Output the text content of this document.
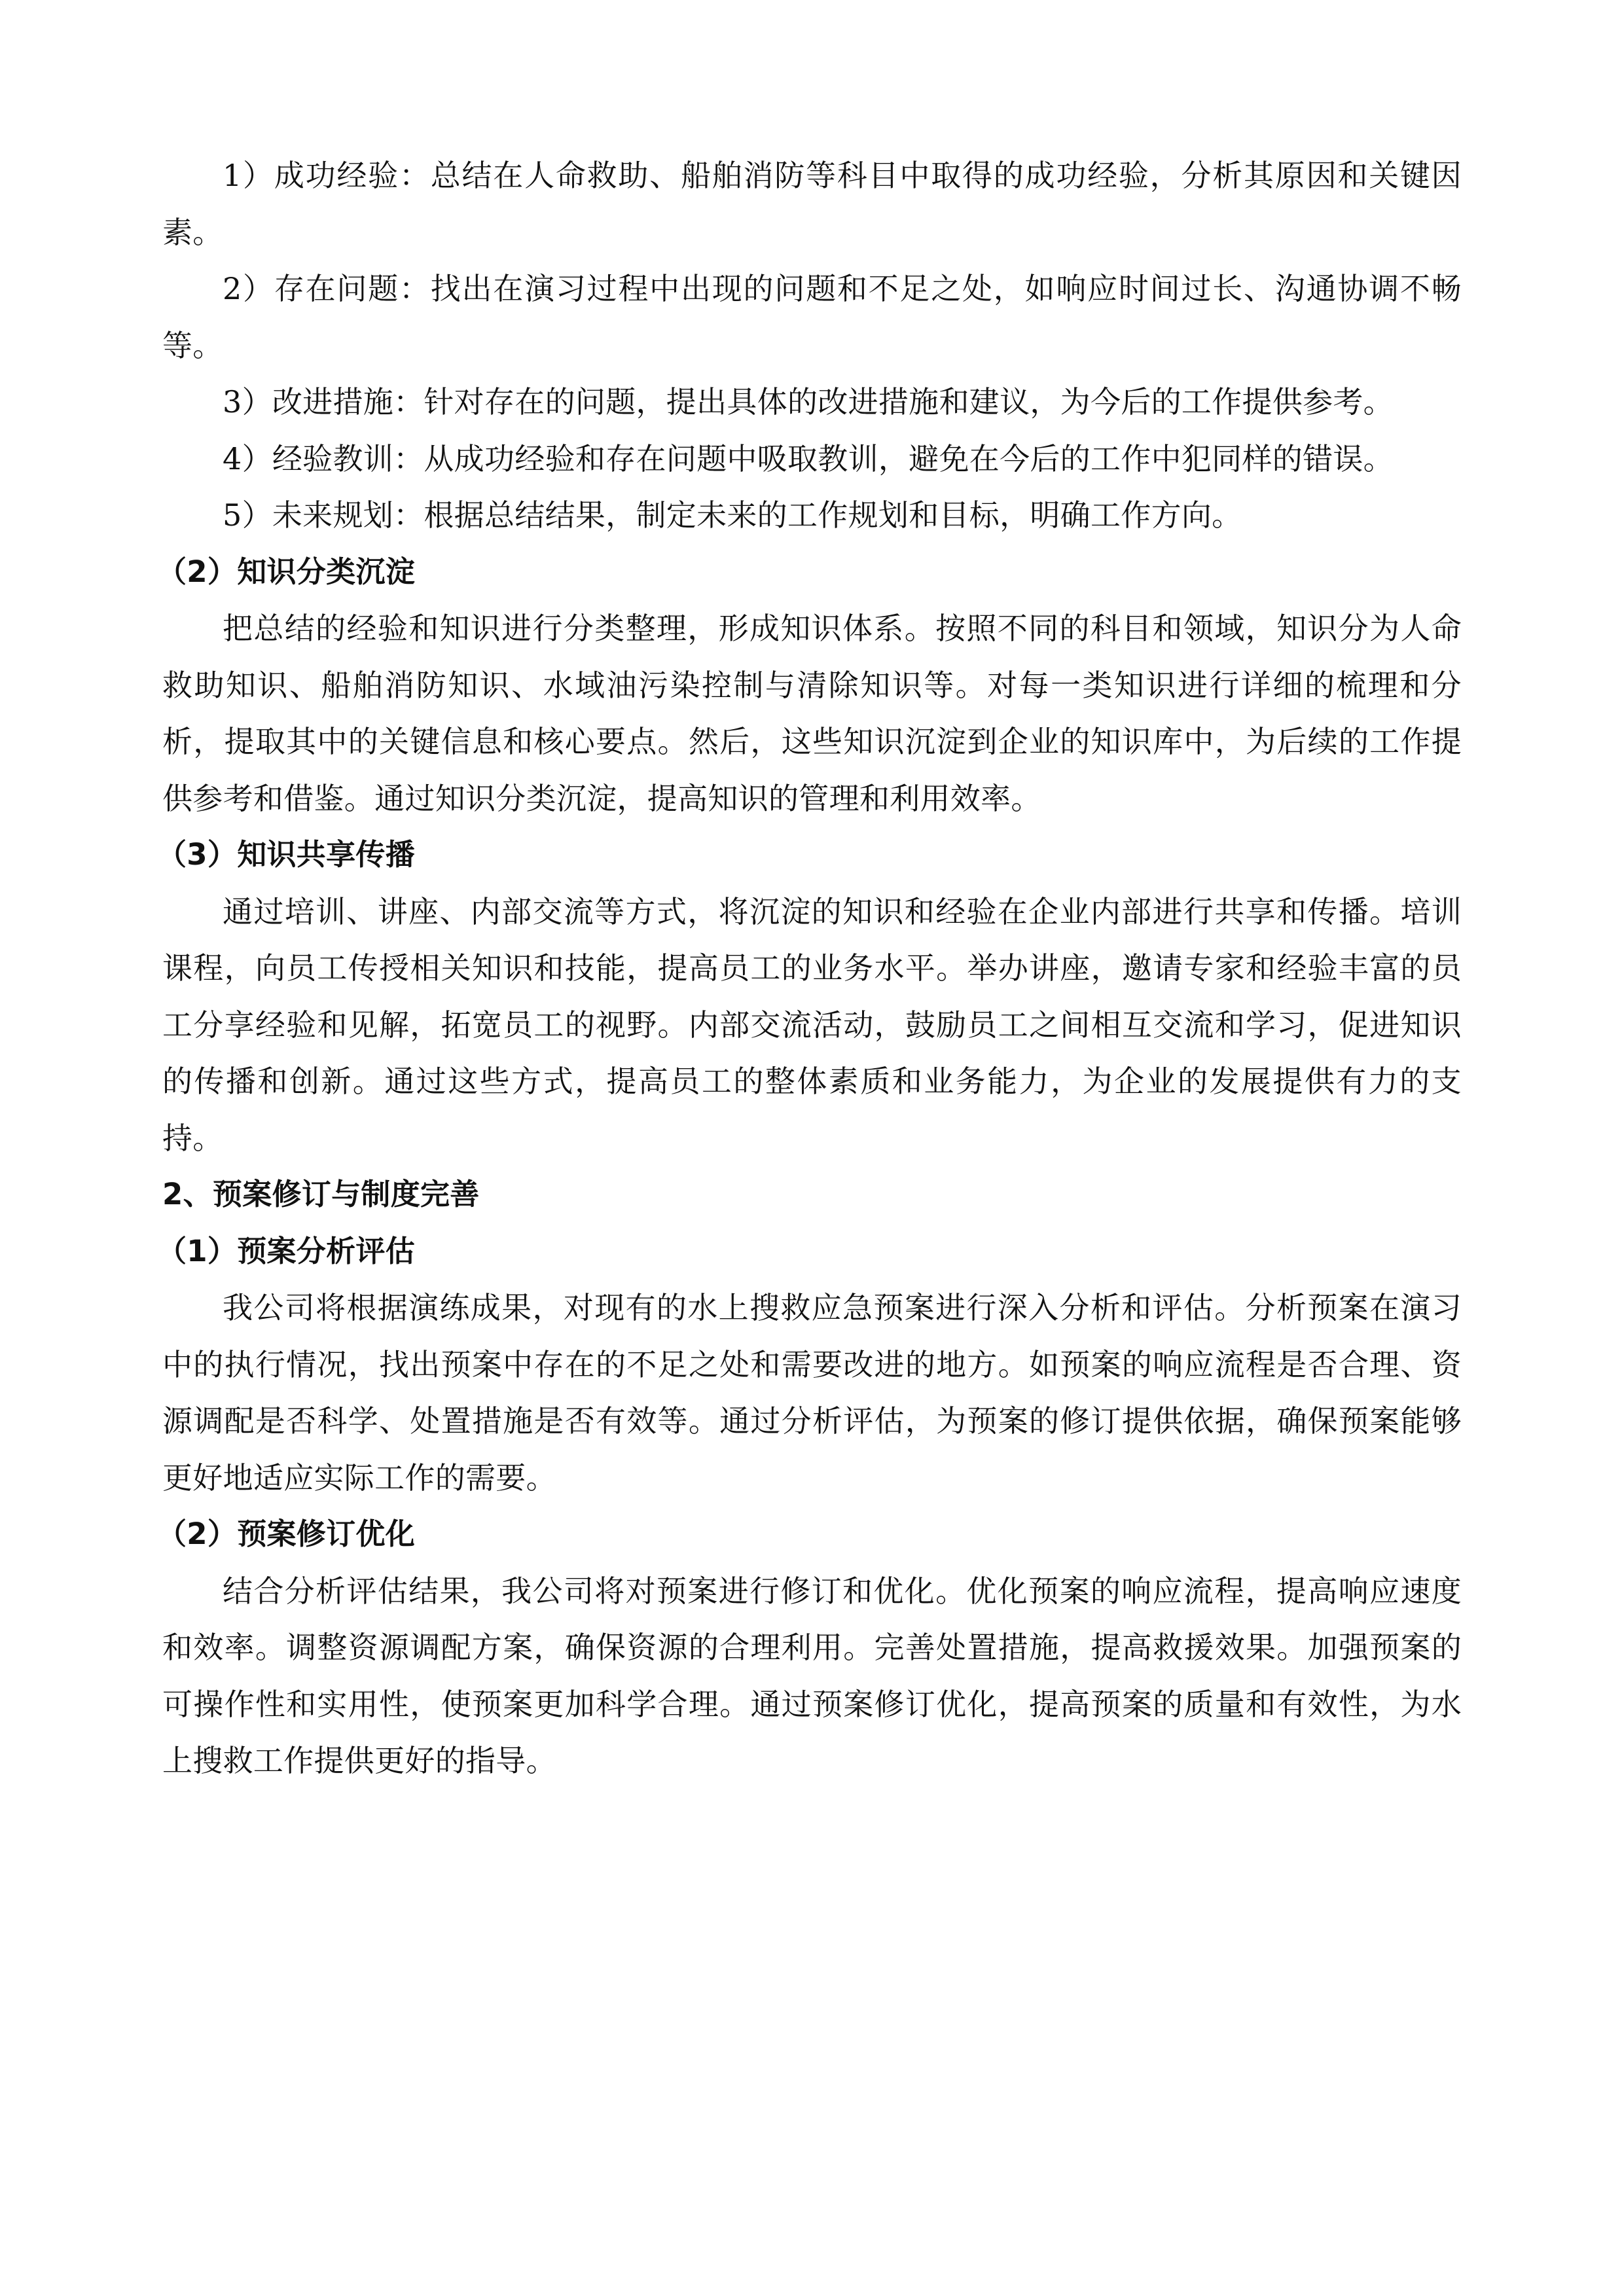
1）成功经验：总结在人命救助、船舶消防等科目中取得的成功经验，分析其原因和关键因素。

2）存在问题：找出在演习过程中出现的问题和不足之处，如响应时间过长、沟通协调不畅等。

3）改进措施：针对存在的问题，提出具体的改进措施和建议，为今后的工作提供参考。

4）经验教训：从成功经验和存在问题中吸取教训，避免在今后的工作中犯同样的错误。

5）未来规划：根据总结结果，制定未来的工作规划和目标，明确工作方向。

（2）知识分类沉淀

把总结的经验和知识进行分类整理，形成知识体系。按照不同的科目和领域，知识分为人命救助知识、船舶消防知识、水域油污染控制与清除知识等。对每一类知识进行详细的梳理和分析，提取其中的关键信息和核心要点。然后，这些知识沉淀到企业的知识库中，为后续的工作提供参考和借鉴。通过知识分类沉淀，提高知识的管理和利用效率。

（3）知识共享传播

通过培训、讲座、内部交流等方式，将沉淀的知识和经验在企业内部进行共享和传播。培训课程，向员工传授相关知识和技能，提高员工的业务水平。举办讲座，邀请专家和经验丰富的员工分享经验和见解，拓宽员工的视野。内部交流活动，鼓励员工之间相互交流和学习，促进知识的传播和创新。通过这些方式，提高员工的整体素质和业务能力，为企业的发展提供有力的支持。

2、预案修订与制度完善

（1）预案分析评估

我公司将根据演练成果，对现有的水上搜救应急预案进行深入分析和评估。分析预案在演习中的执行情况，找出预案中存在的不足之处和需要改进的地方。如预案的响应流程是否合理、资源调配是否科学、处置措施是否有效等。通过分析评估，为预案的修订提供依据，确保预案能够更好地适应实际工作的需要。

（2）预案修订优化

结合分析评估结果，我公司将对预案进行修订和优化。优化预案的响应流程，提高响应速度和效率。调整资源调配方案，确保资源的合理利用。完善处置措施，提高救援效果。加强预案的可操作性和实用性，使预案更加科学合理。通过预案修订优化，提高预案的质量和有效性，为水上搜救工作提供更好的指导。
